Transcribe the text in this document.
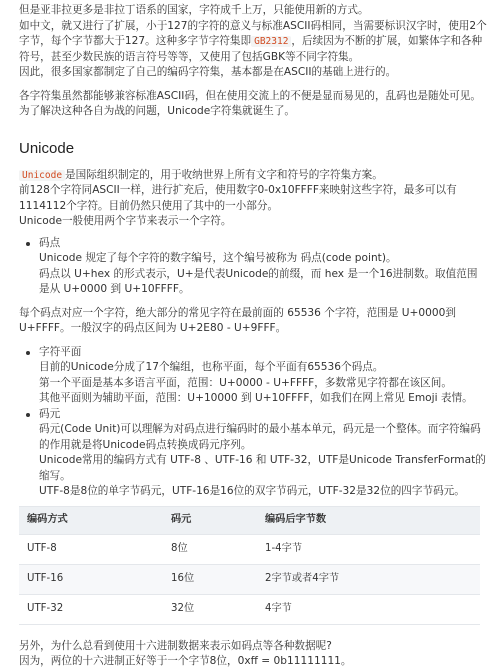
但是亚非拉更多是非拉丁语系的国家，字符成千上万，只能使用新的方式。

如中文，就又进行了扩展，小于127的字符的意义与标准ASCII码相同，当需要标识汉字时，使用2个字节，每个字节都大于127。这种多字节字符集即 GB2312 ，后续因为不断的扩展，如繁体字和各种符号，甚至少数民族的语言符号等等，又使用了包括GBK等不同字符集。

因此，很多国家都制定了自己的编码字符集，基本都是在ASCII的基础上进行的。

各字符集虽然都能够兼容标准ASCII码，但在使用交流上的不便是显而易见的，乱码也是随处可见。为了解决这种各自为战的问题，Unicode字符集就诞生了。

Unicode

Unicode 是国际组织制定的，用于收纳世界上所有文字和符号的字符集方案。

前128个字符同ASCII一样，进行扩充后，使用数字0-0x10FFFF来映射这些字符，最多可以有1114112个字符。目前仍然只使用了其中的一小部分。

Unicode一般使用两个字节来表示一个字符。

码点
Unicode 规定了每个字符的数字编号，这个编号被称为 码点(code point)。
码点以 U+hex 的形式表示，U+是代表Unicode的前缀，而 hex 是一个16进制数。取值范围是从 U+0000 到 U+10FFFF。

每个码点对应一个字符，绝大部分的常见字符在最前面的 65536 个字符，范围是 U+0000到U+FFFF。一般汉字的码点区间为 U+2E80 - U+9FFF。

字符平面
目前的Unicode分成了17个编组，也称平面，每个平面有65536个码点。
第一个平面是基本多语言平面，范围：U+0000 - U+FFFF，多数常见字符都在该区间。
其他平面则为辅助平面，范围：U+10000 到 U+10FFFF，如我们在网上常见 Emoji 表情。
码元
码元(Code Unit)可以理解为对码点进行编码时的最小基本单元，码元是一个整体。而字符编码的作用就是将Unicode码点转换成码元序列。
Unicode常用的编码方式有 UTF-8 、UTF-16 和 UTF-32，UTF是Unicode TransferFormat的缩写。
UTF-8是8位的单字节码元，UTF-16是16位的双字节码元，UTF-32是32位的四字节码元。
编码方式	码元	编码后字节数
UTF-8	8位	1-4字节
UTF-16	16位	2字节或者4字节
UTF-32	32位	4字节

另外，为什么总看到使用十六进制数据来表示如码点等各种数据呢?

因为，两位的十六进制正好等于一个字节8位，0xff = 0b11111111。
